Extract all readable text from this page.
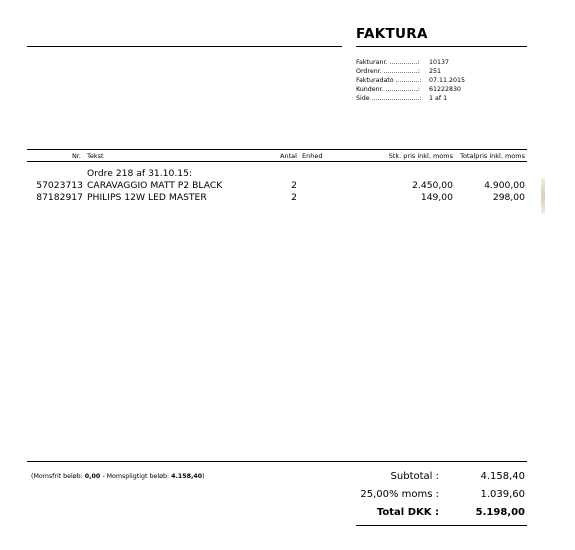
FAKTURA
Fakturanr. ..............: 10137
Ordrenr. .................: 251
Fakturadato ............: 07.11.2015
Kundenr. ................: 61222830
Side ........................: 1 af 1
Nr. Tekst	Antal Enhed	Stk. pris inkl. moms	Totalpris inkl. moms
Ordre 218 af 31.10.15:
57023713 CARAVAGGIO MATT P2 BLACK	2	2.450,00	4.900,00
87182917 PHILIPS 12W LED MASTER	2	149,00	298,00
(Momsfrit beløb: 0,00 - Momspligtigt beløb: 4.158,40)	Subtotal :	4.158,40
25,00% moms :	1.039,60
Total DKK :	5.198,00
